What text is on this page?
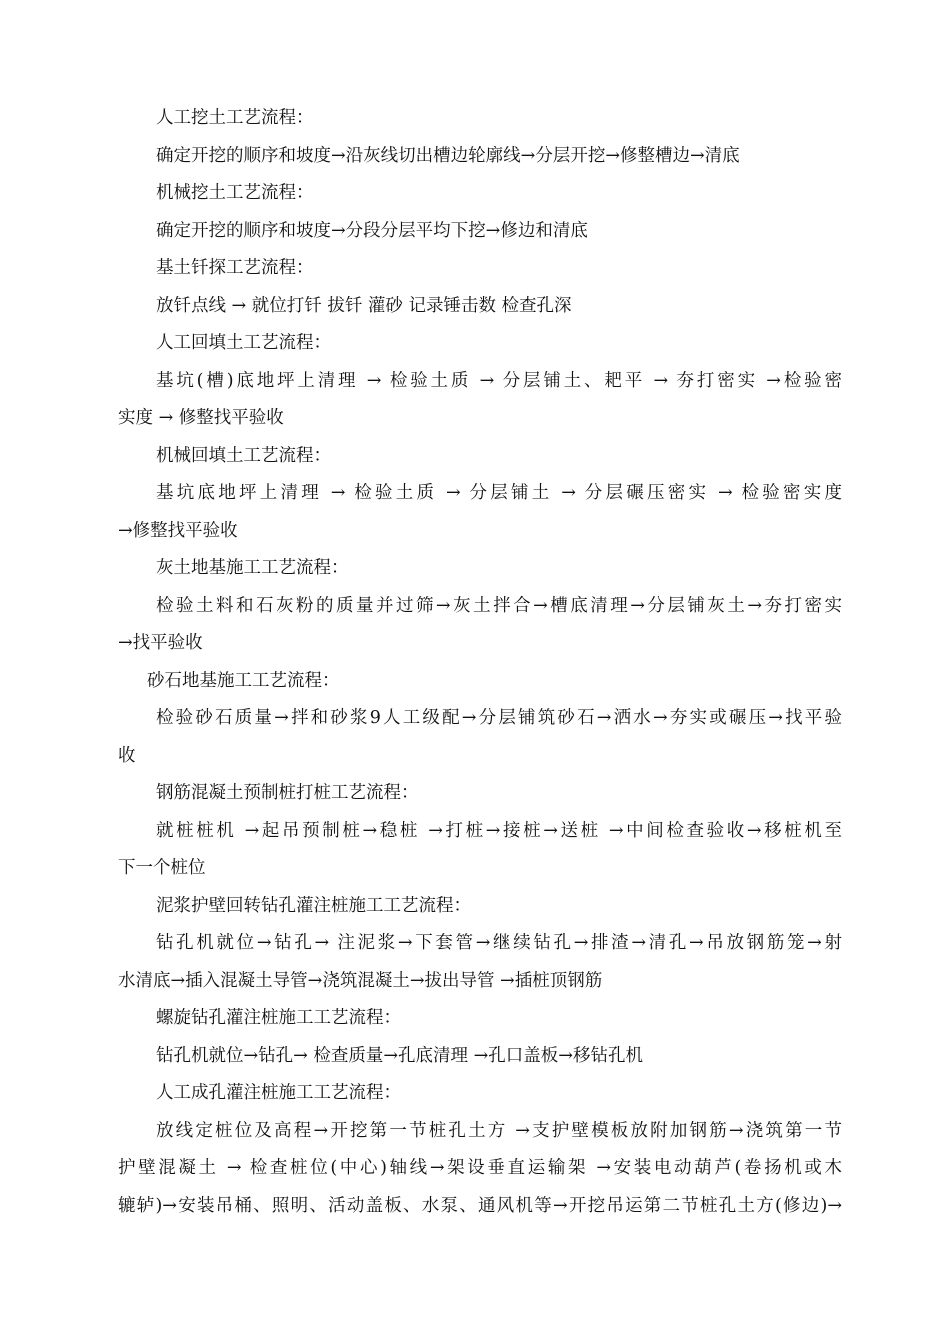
人工挖土工艺流程：

确定开挖的顺序和坡度→沿灰线切出槽边轮廓线→分层开挖→修整槽边→清底

机械挖土工艺流程：

确定开挖的顺序和坡度→分段分层平均下挖→修边和清底

基土钎探工艺流程：

放钎点线 → 就位打钎 拔钎 灌砂 记录锤击数 检查孔深

人工回填土工艺流程：

基坑(槽)底地坪上清理 → 检验土质 → 分层铺土、耙平 → 夯打密实 →检验密

实度 → 修整找平验收

机械回填土工艺流程：

基坑底地坪上清理 → 检验土质 → 分层铺土 → 分层碾压密实 → 检验密实度

→修整找平验收

灰土地基施工工艺流程：

检验土料和石灰粉的质量并过筛→灰土拌合→槽底清理→分层铺灰土→夯打密实

→找平验收

砂石地基施工工艺流程：

检验砂石质量→拌和砂浆9人工级配→分层铺筑砂石→洒水→夯实或碾压→找平验

收

钢筋混凝土预制桩打桩工艺流程：

就桩桩机 →起吊预制桩→稳桩 →打桩→接桩→送桩 →中间检查验收→移桩机至

下一个桩位

泥浆护壁回转钻孔灌注桩施工工艺流程：

钻孔机就位→钻孔→ 注泥浆→下套管→继续钻孔→排渣→清孔→吊放钢筋笼→射

水清底→插入混凝土导管→浇筑混凝土→拔出导管 →插桩顶钢筋

螺旋钻孔灌注桩施工工艺流程：

钻孔机就位→钻孔→ 检查质量→孔底清理 →孔口盖板→移钻孔机

人工成孔灌注桩施工工艺流程：

放线定桩位及高程→开挖第一节桩孔土方 →支护壁模板放附加钢筋→浇筑第一节

护壁混凝土 → 检查桩位(中心)轴线→架设垂直运输架 →安装电动葫芦(卷扬机或木

辘轳)→安装吊桶、照明、活动盖板、水泵、通风机等→开挖吊运第二节桩孔土方(修边)→
